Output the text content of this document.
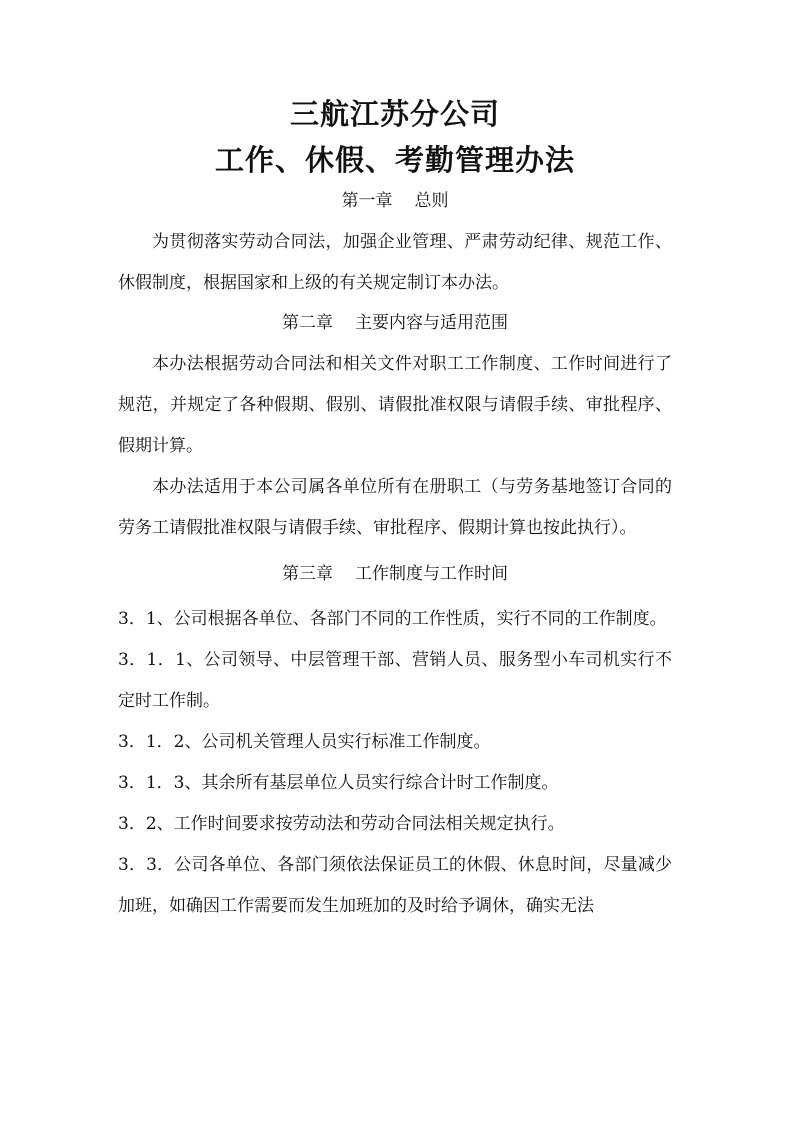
三航江苏分公司
工作、休假、考勤管理办法
第一章 总则

为贯彻落实劳动合同法，加强企业管理、严肃劳动纪律、规范工作、休假制度，根据国家和上级的有关规定制订本办法。

第二章 主要内容与适用范围

本办法根据劳动合同法和相关文件对职工工作制度、工作时间进行了规范，并规定了各种假期、假别、请假批准权限与请假手续、审批程序、假期计算。

本办法适用于本公司属各单位所有在册职工（与劳务基地签订合同的劳务工请假批准权限与请假手续、审批程序、假期计算也按此执行）。

第三章 工作制度与工作时间

3．1、公司根据各单位、各部门不同的工作性质，实行不同的工作制度。

3．1．1、公司领导、中层管理干部、营销人员、服务型小车司机实行不定时工作制。

3．1．2、公司机关管理人员实行标准工作制度。

3．1．3、其余所有基层单位人员实行综合计时工作制度。

3．2、工作时间要求按劳动法和劳动合同法相关规定执行。

3．3．公司各单位、各部门须依法保证员工的休假、休息时间，尽量减少加班，如确因工作需要而发生加班加的及时给予调休，确实无法
